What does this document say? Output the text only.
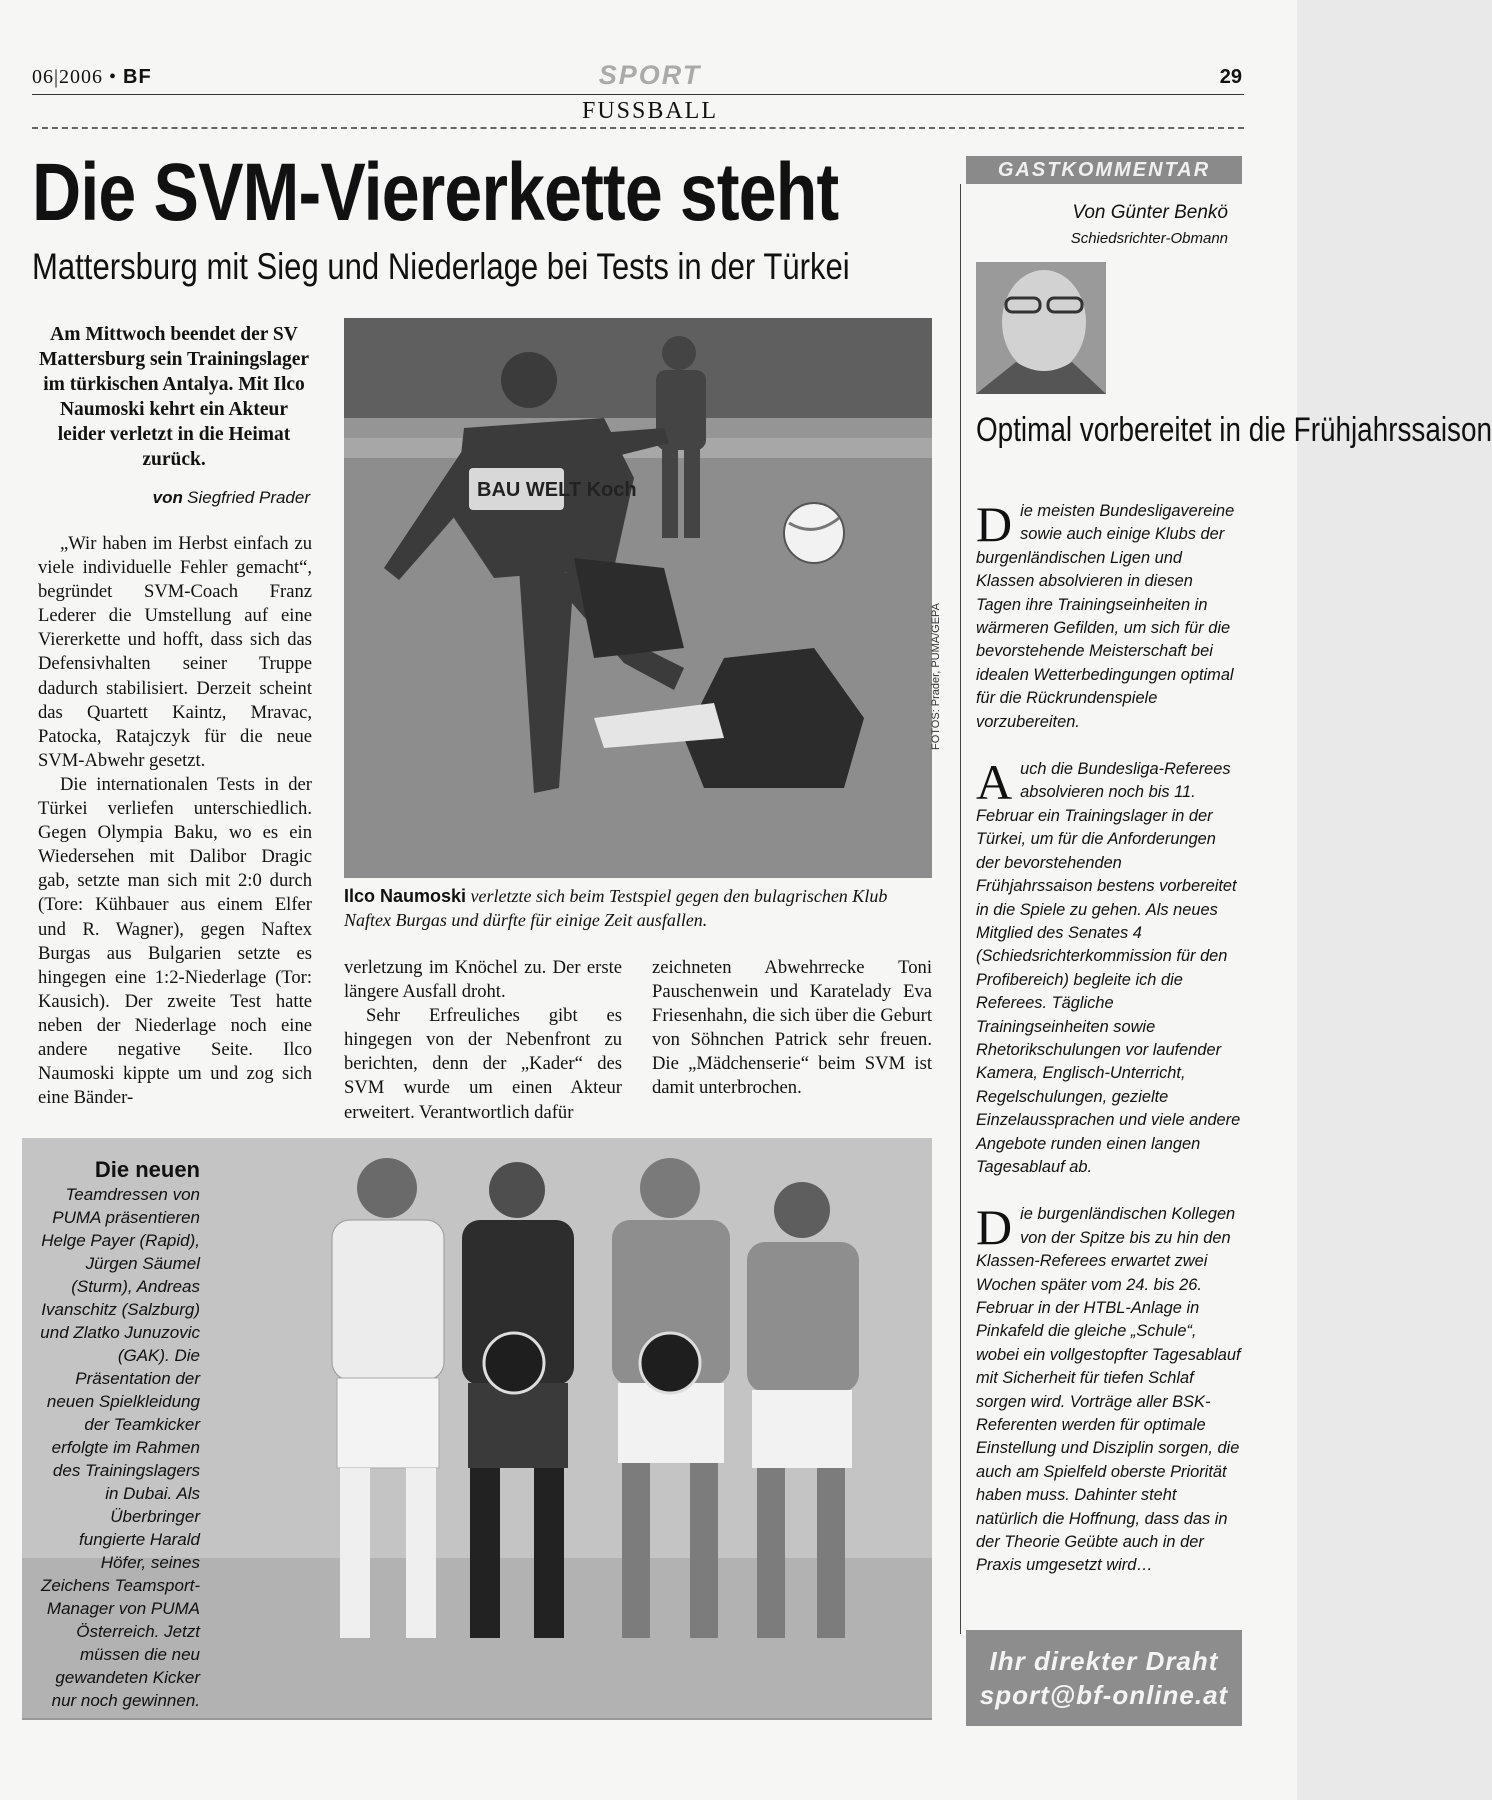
06|2006 • BF	SPORT	29
FUSSBALL
Die SVM-Viererkette steht
Mattersburg mit Sieg und Niederlage bei Tests in der Türkei
Am Mittwoch beendet der SV Mattersburg sein Trainingslager im türkischen Antalya. Mit Ilco Naumoski kehrt ein Akteur leider verletzt in die Heimat zurück.
von Siegfried Prader

„Wir haben im Herbst einfach zu viele individuelle Fehler gemacht“, begründet SVM-Coach Franz Lederer die Umstellung auf eine Viererkette und hofft, dass sich das Defensivhalten seiner Truppe dadurch stabilisiert. Derzeit scheint das Quartett Kaintz, Mravac, Patocka, Ratajczyk für die neue SVM-Abwehr gesetzt.

Die internationalen Tests in der Türkei verliefen unterschiedlich. Gegen Olympia Baku, wo es ein Wiedersehen mit Dalibor Dragic gab, setzte man sich mit 2:0 durch (Tore: Kühbauer aus einem Elfer und R. Wagner), gegen Naftex Burgas aus Bulgarien setzte es hingegen eine 1:2-Niederlage (Tor: Kausich). Der zweite Test hatte neben der Niederlage noch eine andere negative Seite. Ilco Naumoski kippte um und zog sich eine Bänder-

verletzung im Knöchel zu. Der erste längere Ausfall droht.

Sehr Erfreuliches gibt es hingegen von der Nebenfront zu berichten, denn der „Kader“ des SVM wurde um einen Akteur erweitert. Verantwortlich dafür

zeichneten Abwehrrecke Toni Pauschenwein und Karatelady Eva Friesenhahn, die sich über die Geburt von Söhnchen Patrick sehr freuen. Die „Mädchenserie“ beim SVM ist damit unterbrochen.

BAU WELT Koch
FOTOS: Prader, PUMA/GEPA
Ilco Naumoski verletzte sich beim Testspiel gegen den bulagrischen Klub Naftex Burgas und dürfte für einige Zeit ausfallen.
Die neuen Teamdressen von PUMA präsentieren Helge Payer (Rapid), Jürgen Säumel (Sturm), Andreas Ivanschitz (Salzburg) und Zlatko Junuzovic (GAK). Die Präsentation der neuen Spielkleidung der Teamkicker erfolgte im Rahmen des Trainingslagers in Dubai. Als Überbringer fungierte Harald Höfer, seines Zeichens Teamsport-Manager von PUMA Österreich. Jetzt müssen die neu gewandeten Kicker nur noch gewinnen.
GASTKOMMENTAR
Von Günter Benkö
Schiedsrichter-Obmann
Optimal vorbereitet in die Frühjahrssaison

Die meisten Bundesligavereine sowie auch einige Klubs der burgenländischen Ligen und Klassen absolvieren in diesen Tagen ihre Trainingseinheiten in wärmeren Gefilden, um sich für die bevorstehende Meisterschaft bei idealen Wetterbedingungen optimal für die Rückrundenspiele vorzubereiten.

Auch die Bundesliga-Referees absolvieren noch bis 11. Februar ein Trainingslager in der Türkei, um für die Anforderungen der bevorstehenden Frühjahrssaison bestens vorbereitet in die Spiele zu gehen. Als neues Mitglied des Senates 4 (Schiedsrichterkommission für den Profibereich) begleite ich die Referees. Tägliche Trainingseinheiten sowie Rhetorikschulungen vor laufender Kamera, Englisch-Unterricht, Regelschulungen, gezielte Einzelaussprachen und viele andere Angebote runden einen langen Tagesablauf ab.

Die burgenländischen Kollegen von der Spitze bis zu hin den Klassen-Referees erwartet zwei Wochen später vom 24. bis 26. Februar in der HTBL-Anlage in Pinkafeld die gleiche „Schule“, wobei ein vollgestopfter Tagesablauf mit Sicherheit für tiefen Schlaf sorgen wird. Vorträge aller BSK-Referenten werden für optimale Einstellung und Disziplin sorgen, die auch am Spielfeld oberste Priorität haben muss. Dahinter steht natürlich die Hoffnung, dass das in der Theorie Geübte auch in der Praxis umgesetzt wird…

Ihr direkter Draht
sport@bf-online.at
